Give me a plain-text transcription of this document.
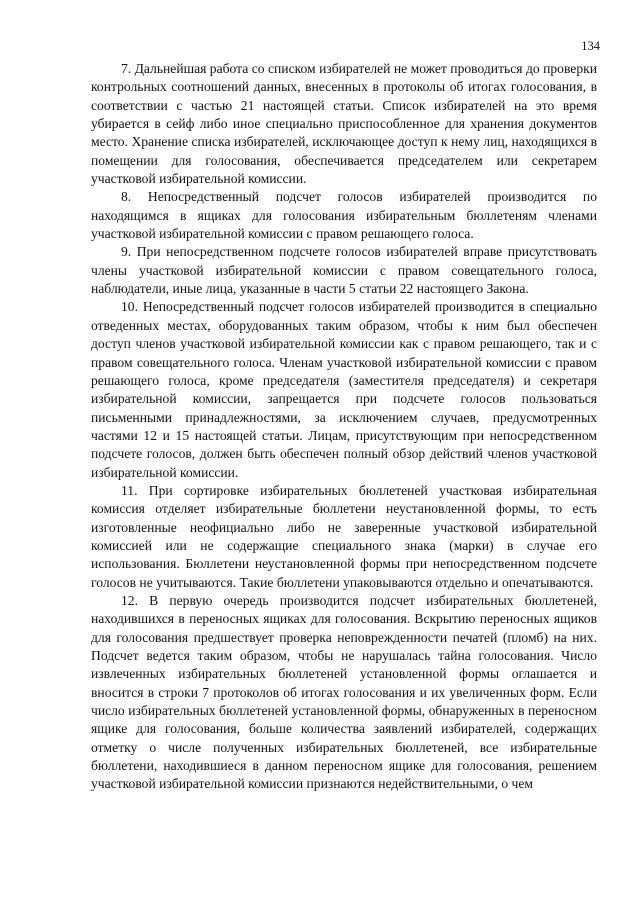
134

7. Дальнейшая работа со списком избирателей не может проводиться до проверки контрольных соотношений данных, внесенных в протоколы об итогах голосования, в соответствии с частью 21 настоящей статьи. Список избирателей на это время убирается в сейф либо иное специально приспособленное для хранения документов место. Хранение списка избирателей, исключающее доступ к нему лиц, находящихся в помещении для голосования, обеспечивается председателем или секретарем участковой избирательной комиссии.

8. Непосредственный подсчет голосов избирателей производится по находящимся в ящиках для голосования избирательным бюллетеням членами участковой избирательной комиссии с правом решающего голоса.

9. При непосредственном подсчете голосов избирателей вправе присутствовать члены участковой избирательной комиссии с правом совещательного голоса, наблюдатели, иные лица, указанные в части 5 статьи 22 настоящего Закона.

10. Непосредственный подсчет голосов избирателей производится в специально отведенных местах, оборудованных таким образом, чтобы к ним был обеспечен доступ членов участковой избирательной комиссии как с правом решающего, так и с правом совещательного голоса. Членам участковой избирательной комиссии с правом решающего голоса, кроме председателя (заместителя председателя) и секретаря избирательной комиссии, запрещается при подсчете голосов пользоваться письменными принадлежностями, за исключением случаев, предусмотренных частями 12 и 15 настоящей статьи. Лицам, присутствующим при непосредственном подсчете голосов, должен быть обеспечен полный обзор действий членов участковой избирательной комиссии.

11. При сортировке избирательных бюллетеней участковая избирательная комиссия отделяет избирательные бюллетени неустановленной формы, то есть изготовленные неофициально либо не заверенные участковой избирательной комиссией или не содержащие специального знака (марки) в случае его использования. Бюллетени неустановленной формы при непосредственном подсчете голосов не учитываются. Такие бюллетени упаковываются отдельно и опечатываются.

12. В первую очередь производится подсчет избирательных бюллетеней, находившихся в переносных ящиках для голосования. Вскрытию переносных ящиков для голосования предшествует проверка неповрежденности печатей (пломб) на них. Подсчет ведется таким образом, чтобы не нарушалась тайна голосования. Число извлеченных избирательных бюллетеней установленной формы оглашается и вносится в строки 7 протоколов об итогах голосования и их увеличенных форм. Если число избирательных бюллетеней установленной формы, обнаруженных в переносном ящике для голосования, больше количества заявлений избирателей, содержащих отметку о числе полученных избирательных бюллетеней, все избирательные бюллетени, находившиеся в данном переносном ящике для голосования, решением участковой избирательной комиссии признаются недействительными, о чем
